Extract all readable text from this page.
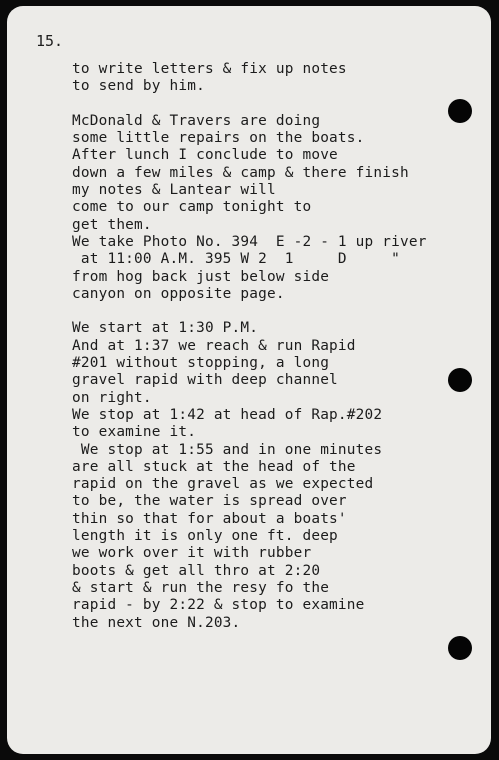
15.
to write letters & fix up notes
to send by him.
McDonald & Travers are doing
some little repairs on the boats.
After lunch I conclude to move
down a few miles & camp & there finish
my notes & Lantear will
come to our camp tonight to
get them.
We take Photo No. 394  E -2 - 1 up river
at 11:00 A.M. 395 W 2  1     D     "
from hog back just below side
canyon on opposite page.
We start at 1:30 P.M.
And at 1:37 we reach & run Rapid
#201 without stopping, a long
gravel rapid with deep channel
on right.
We stop at 1:42 at head of Rap.#202
to examine it.
We stop at 1:55 and in one minutes
are all stuck at the head of the
rapid on the gravel as we expected
to be, the water is spread over
thin so that for about a boats'
length it is only one ft. deep
we work over it with rubber
boots & get all thro at 2:20
& start & run the resy fo the
rapid - by 2:22 & stop to examine
the next one N.203.
